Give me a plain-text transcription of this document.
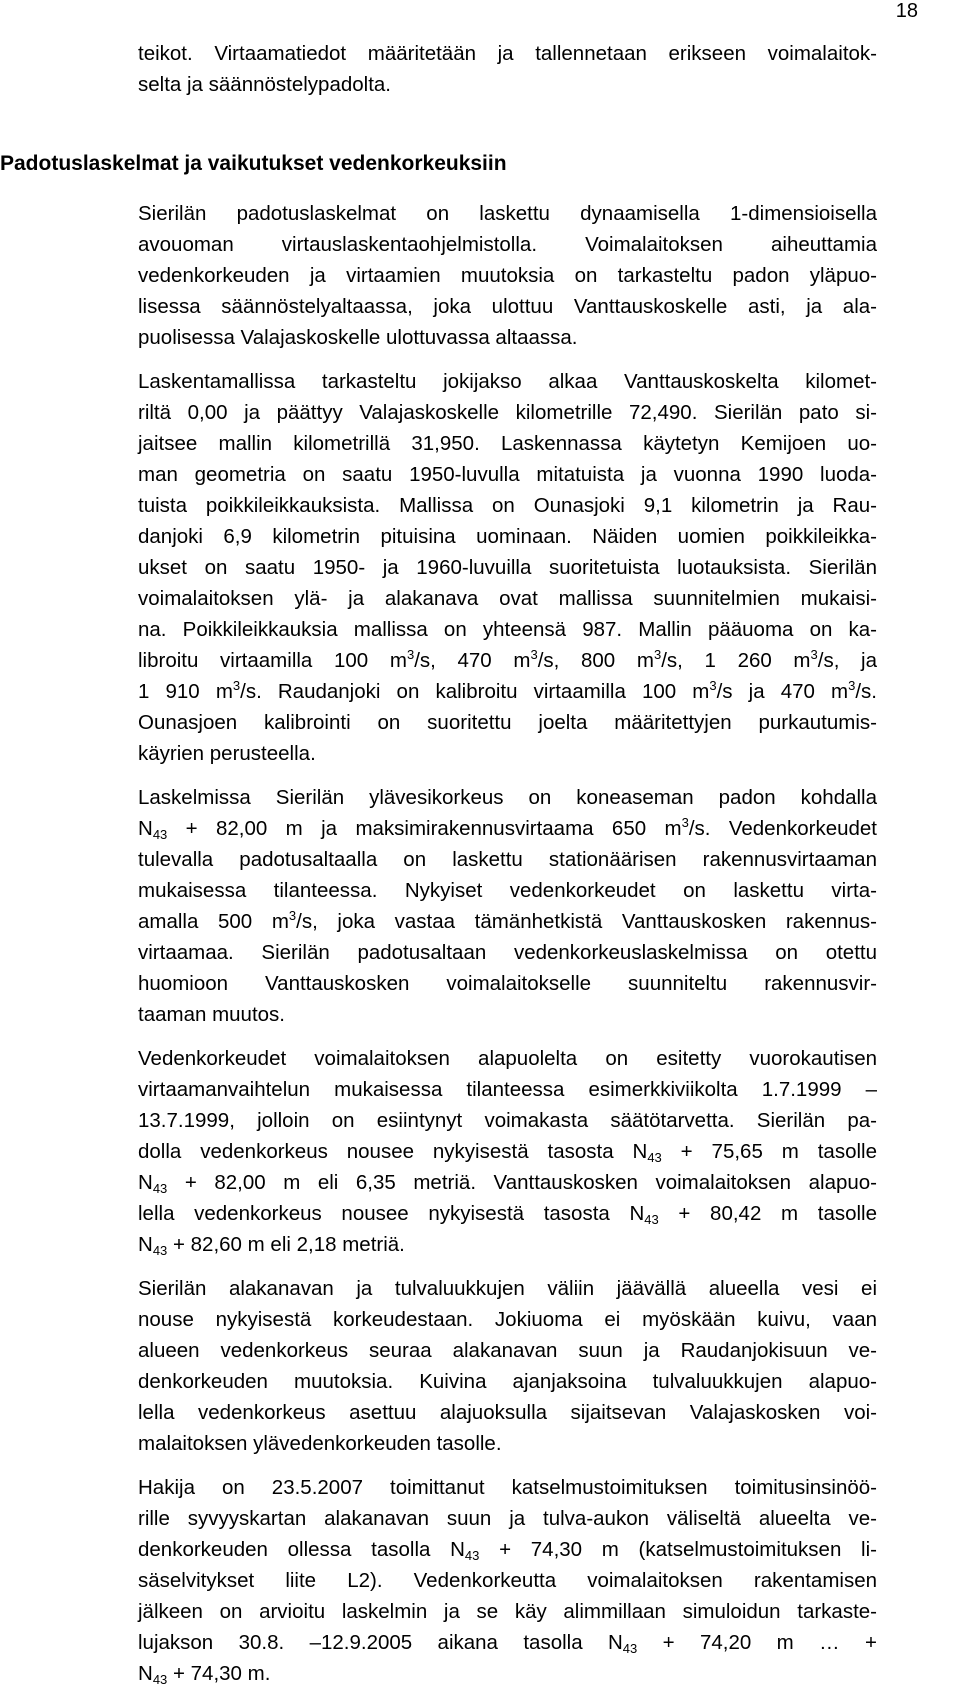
18
Padotuslaskelmat ja vaikutukset vedenkorkeuksiin
teikot. Virtaamatiedot määritetään ja tallennetaan erikseen voimalaitok-
selta ja säännöstelypadolta.
Sierilän padotuslaskelmat on laskettu dynaamisella 1-dimensioisella
avouoman virtauslaskentaohjelmistolla. Voimalaitoksen aiheuttamia
vedenkorkeuden ja virtaamien muutoksia on tarkasteltu padon yläpuo-
lisessa säännöstelyaltaassa, joka ulottuu Vanttauskoskelle asti, ja ala-
puolisessa Valajaskoskelle ulottuvassa altaassa.
Laskentamallissa tarkasteltu jokijakso alkaa Vanttauskoskelta kilomet-
riltä 0,00 ja päättyy Valajaskoskelle kilometrille 72,490. Sierilän pato si-
jaitsee mallin kilometrillä 31,950. Laskennassa käytetyn Kemijoen uo-
man geometria on saatu 1950-luvulla mitatuista ja vuonna 1990 luoda-
tuista poikkileikkauksista. Mallissa on Ounasjoki 9,1 kilometrin ja Rau-
danjoki 6,9 kilometrin pituisina uominaan. Näiden uomien poikkileikka-
ukset on saatu 1950- ja 1960-luvuilla suoritetuista luotauksista. Sierilän
voimalaitoksen ylä- ja alakanava ovat mallissa suunnitelmien mukaisi-
na. Poikkileikkauksia mallissa on yhteensä 987. Mallin pääuoma on ka-
libroitu virtaamilla 100 $m^3/s$, 470 $m^3/s$, 800 $m^3/s$, 1 260 $m^3/s$, ja
1 910 $m^3/s$. Raudanjoki on kalibroitu virtaamilla 100 $m^3/s$ ja 470 $m^3/s$.
Ounasjoen kalibrointi on suoritettu joelta määritettyjen purkautumis-
käyrien perusteella.
Laskelmissa Sierilän ylävesikorkeus on koneaseman padon kohdalla
$N_{43} + 82,00$ m ja maksimirakennusvirtaama 650 $m^3/s$. Vedenkorkeudet
tulevalla padotusaltaalla on laskettu stationäärisen rakennusvirtaaman
mukaisessa tilanteessa. Nykyiset vedenkorkeudet on laskettu virta-
amalla 500 $m^3/s$, joka vastaa tämänhetkistä Vanttauskosken rakennus-
virtaamaa. Sierilän padotusaltaan vedenkorkeuslaskelmissa on otettu
huomioon Vanttauskosken voimalaitokselle suunniteltu rakennusvir-
taaman muutos.
Vedenkorkeudet voimalaitoksen alapuolelta on esitetty vuorokautisen
virtaamanvaihtelun mukaisessa tilanteessa esimerkkiviikolta 1.7.1999 –
13.7.1999, jolloin on esiintynyt voimakasta säätötarvetta. Sierilän pa-
dolla vedenkorkeus nousee nykyisestä tasosta $N_{43} + 75,65$ m tasolle
$N_{43} + 82,00$ m eli 6,35 metriä. Vanttauskosken voimalaitoksen alapuo-
lella vedenkorkeus nousee nykyisestä tasosta $N_{43} + 80,42$ m tasolle
$N_{43} + 82,60$ m eli 2,18 metriä.
Sierilän alakanavan ja tulvaluukkujen väliin jäävällä alueella vesi ei
nouse nykyisestä korkeudestaan. Jokiuoma ei myöskään kuivu, vaan
alueen vedenkorkeus seuraa alakanavan suun ja Raudanjokisuun ve-
denkorkeuden muutoksia. Kuivina ajanjaksoina tulvaluukkujen alapuo-
lella vedenkorkeus asettuu alajuoksulla sijaitsevan Valajaskosken voi-
malaitoksen ylävedenkorkeuden tasolle.
Hakija on 23.5.2007 toimittanut katselmustoimituksen toimitusinsinöö-
rille syvyyskartan alakanavan suun ja tulva-aukon väliseltä alueelta ve-
denkorkeuden ollessa tasolla $N_{43} + 74,30$ m (katselmustoimituksen li-
säselvitykset liite L2). Vedenkorkeutta voimalaitoksen rakentamisen
jälkeen on arvioitu laskelmin ja se käy alimmillaan simuloidun tarkaste-
lujakson 30.8. –12.9.2005 aikana tasolla $N_{43} + 74,20$ m … +
$N_{43} + 74,30$ m.
